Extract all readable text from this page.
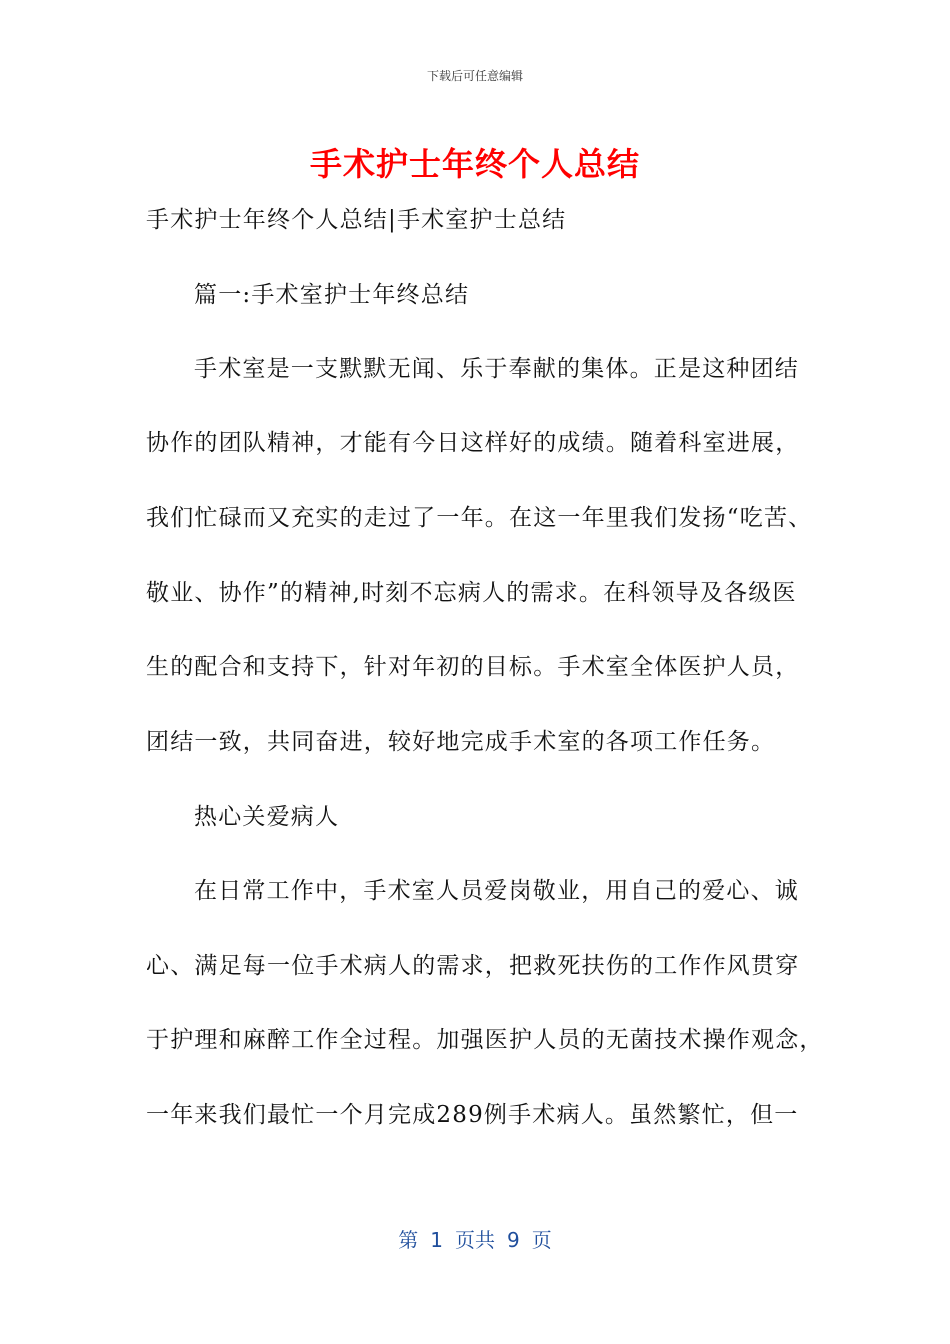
下载后可任意编辑
手术护士年终个人总结
手术护士年终个人总结|手术室护士总结
篇一:手术室护士年终总结
手术室是一支默默无闻、乐于奉献的集体。正是这种团结
协作的团队精神，才能有今日这样好的成绩。随着科室进展，
我们忙碌而又充实的走过了一年。在这一年里我们发扬“吃苦、
敬业、协作”的精神,时刻不忘病人的需求。在科领导及各级医
生的配合和支持下，针对年初的目标。手术室全体医护人员，
团结一致，共同奋进，较好地完成手术室的各项工作任务。
热心关爱病人
在日常工作中，手术室人员爱岗敬业，用自己的爱心、诚
心、满足每一位手术病人的需求，把救死扶伤的工作作风贯穿
于护理和麻醉工作全过程。加强医护人员的无菌技术操作观念，
一年来我们最忙一个月完成289例手术病人。虽然繁忙，但一
第 1 页共 9 页
